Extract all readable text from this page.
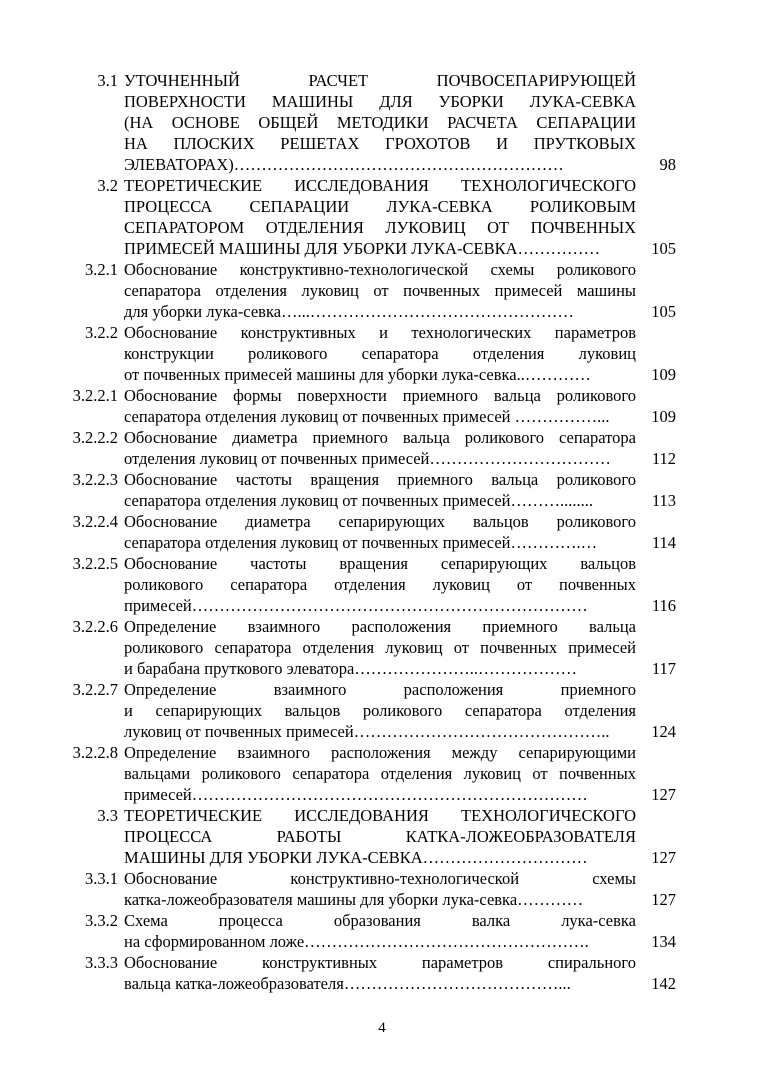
3.1 УТОЧНЕННЫЙ РАСЧЕТ ПОЧВОСЕПАРИРУЮЩЕЙ
ПОВЕРХНОСТИ МАШИНЫ ДЛЯ УБОРКИ ЛУКА-СЕВКА
(НА ОСНОВЕ ОБЩЕЙ МЕТОДИКИ РАСЧЕТА СЕПАРАЦИИ
НА ПЛОСКИХ РЕШЕТАХ ГРОХОТОВ И ПРУТКОВЫХ
ЭЛЕВАТОРАХ)……………………………………………………	98
3.2 ТЕОРЕТИЧЕСКИЕ ИССЛЕДОВАНИЯ ТЕХНОЛОГИЧЕСКОГО
ПРОЦЕССА СЕПАРАЦИИ ЛУКА-СЕВКА РОЛИКОВЫМ
СЕПАРАТОРОМ ОТДЕЛЕНИЯ ЛУКОВИЦ ОТ ПОЧВЕННЫХ
ПРИМЕСЕЙ МАШИНЫ ДЛЯ УБОРКИ ЛУКА-СЕВКА……………	105
3.2.1 Обоснование конструктивно-технологической схемы роликового
сепаратора отделения луковиц от почвенных примесей машины
для уборки лука-севка…...…………………………………………	105
3.2.2 Обоснование конструктивных и технологических параметров
конструкции роликового сепаратора отделения луковиц
от почвенных примесей машины для уборки лука-севка..…………	109
3.2.2.1 Обоснование формы поверхности приемного вальца роликового
сепаратора отделения луковиц от почвенных примесей ……………...	109
3.2.2.2 Обоснование диаметра приемного вальца роликового сепаратора
отделения луковиц от почвенных примесей……………………………	112
3.2.2.3 Обоснование частоты вращения приемного вальца роликового
сепаратора отделения луковиц от почвенных примесей………........	113
3.2.2.4 Обоснование диаметра сепарирующих вальцов роликового
сепаратора отделения луковиц от почвенных примесей………….…	114
3.2.2.5 Обоснование частоты вращения сепарирующих вальцов
роликового сепаратора отделения луковиц от почвенных
примесей………………………………………………………………	116
3.2.2.6 Определение взаимного расположения приемного вальца
роликового сепаратора отделения луковиц от почвенных примесей
и барабана пруткового элеватора…………………..………………	117
3.2.2.7 Определение взаимного расположения приемного
и сепарирующих вальцов роликового сепаратора отделения
луковиц от почвенных примесей………………………………………..	124
3.2.2.8 Определение взаимного расположения между сепарирующими
вальцами роликового сепаратора отделения луковиц от почвенных
примесей………………………………………………………………	127
3.3 ТЕОРЕТИЧЕСКИЕ ИССЛЕДОВАНИЯ ТЕХНОЛОГИЧЕСКОГО
ПРОЦЕССА РАБОТЫ КАТКА-ЛОЖЕОБРАЗОВАТЕЛЯ
МАШИНЫ ДЛЯ УБОРКИ ЛУКА-СЕВКА…………………………	127
3.3.1 Обоснование конструктивно-технологической схемы
катка-ложеобразователя машины для уборки лука-севка…………	127
3.3.2 Схема процесса образования валка лука-севка
на сформированном ложе…………………………………………….	134
3.3.3 Обоснование конструктивных параметров спирального
вальца катка-ложеобразователя…………………………………...	142
4
